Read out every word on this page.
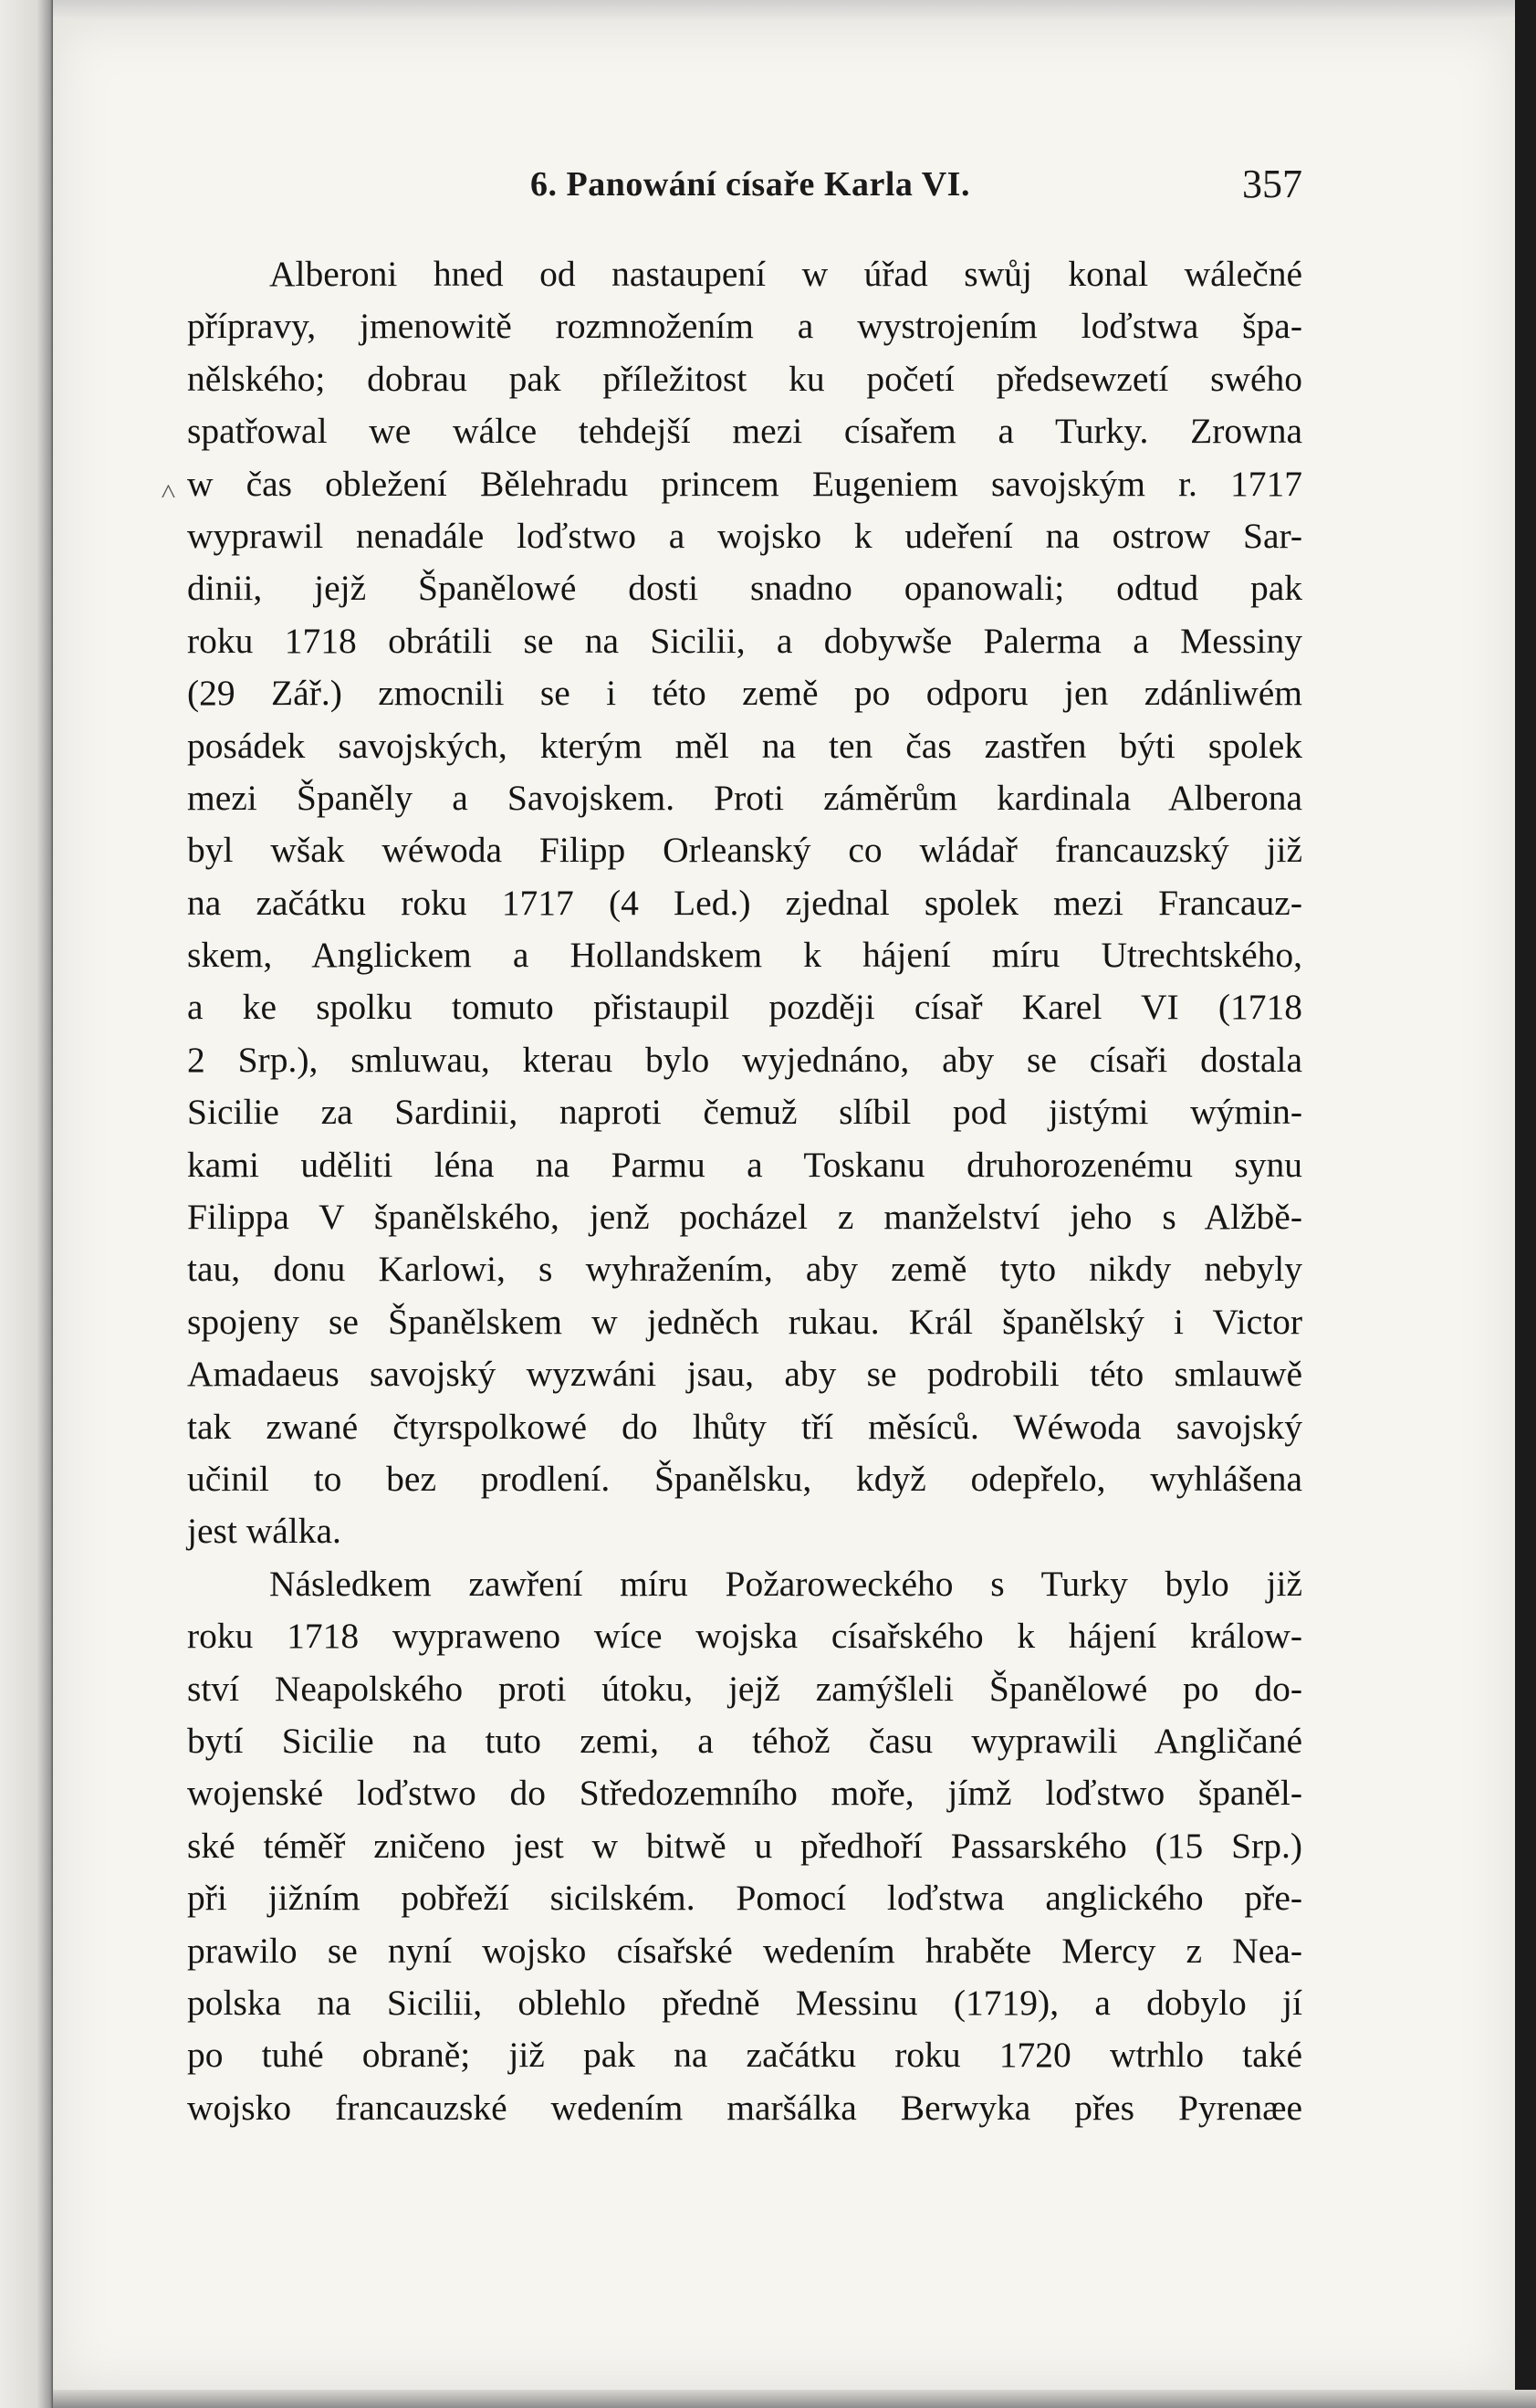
6. Panowání císaře Karla VI.	357
˄
Alberoni hned od nastaupení w úřad swůj konal wálečné
přípravy, jmenowitě rozmnožením a wystrojením loďstwa špa-
nělského; dobrau pak příležitost ku početí předsewzetí swého
spatřowal we wálce tehdejší mezi císařem a Turky. Zrowna
w čas obležení Bělehradu princem Eugeniem savojským r. 1717
wyprawil nenadále loďstwo a wojsko k udeření na ostrow Sar-
dinii, jejž Španělowé dosti snadno opanowali; odtud pak
roku 1718 obrátili se na Sicilii, a dobywše Palerma a Messiny
(29 Zář.) zmocnili se i této země po odporu jen zdánliwém
posádek savojských, kterým měl na ten čas zastřen býti spolek
mezi Španěly a Savojskem. Proti záměrům kardinala Alberona
byl wšak wéwoda Filipp Orleanský co wládař francauzský již
na začátku roku 1717 (4 Led.) zjednal spolek mezi Francauz-
skem, Anglickem a Hollandskem k hájení míru Utrechtského,
a ke spolku tomuto přistaupil později císař Karel VI (1718
2 Srp.), smluwau, kterau bylo wyjednáno, aby se císaři dostala
Sicilie za Sardinii, naproti čemuž slíbil pod jistými wýmin-
kami uděliti léna na Parmu a Toskanu druhorozenému synu
Filippa V španělského, jenž pocházel z manželství jeho s Alžbě-
tau, donu Karlowi, s wyhražením, aby země tyto nikdy nebyly
spojeny se Španělskem w jedněch rukau. Král španělský i Victor
Amadaeus savojský wyzwáni jsau, aby se podrobili této smlauwě
tak zwané čtyrspolkowé do lhůty tří měsíců. Wéwoda savojský
učinil to bez prodlení. Španělsku, když odepřelo, wyhlášena
jest wálka.
Následkem zawření míru Požaroweckého s Turky bylo již
roku 1718 wypraweno wíce wojska císařského k hájení králow-
ství Neapolského proti útoku, jejž zamýšleli Španělowé po do-
bytí Sicilie na tuto zemi, a téhož času wyprawili Angličané
wojenské loďstwo do Středozemního moře, jímž loďstwo španěl-
ské téměř zničeno jest w bitwě u předhoří Passarského (15 Srp.)
při jižním pobřeží sicilském. Pomocí loďstwa anglického pře-
prawilo se nyní wojsko císařské wedením hraběte Mercy z Nea-
polska na Sicilii, oblehlo předně Messinu (1719), a dobylo jí
po tuhé obraně; již pak na začátku roku 1720 wtrhlo také
wojsko francauzské wedením maršálka Berwyka přes Pyrenæe
